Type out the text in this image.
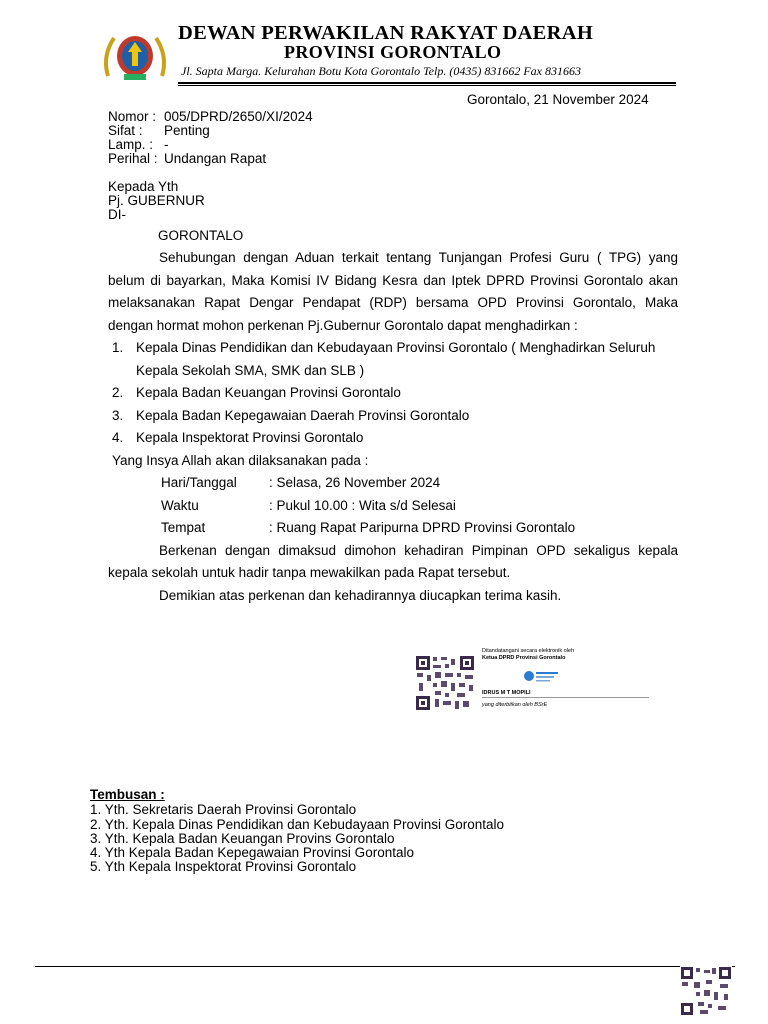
DEWAN PERWAKILAN RAKYAT DAERAH
PROVINSI GORONTALO
Jl. Sapta Marga. Kelurahan Botu Kota Gorontalo Telp. (0435) 831662 Fax 831663
Gorontalo, 21 November 2024
Nomor : 005/DPRD/2650/XI/2024
Sifat :	Penting
Lamp. : -
Perihal : Undangan Rapat
Kepada Yth
Pj. GUBERNUR
DI-
GORONTALO

Sehubungan dengan Aduan terkait tentang Tunjangan Profesi Guru ( TPG) yang belum di bayarkan, Maka Komisi IV Bidang Kesra dan Iptek DPRD Provinsi Gorontalo akan melaksanakan Rapat Dengar Pendapat (RDP) bersama OPD Provinsi Gorontalo, Maka dengan hormat mohon perkenan Pj.Gubernur Gorontalo dapat menghadirkan :

1. Kepala Dinas Pendidikan dan Kebudayaan Provinsi Gorontalo ( Menghadirkan Seluruh Kepala Sekolah SMA, SMK dan SLB )
2. Kepala Badan Keuangan Provinsi Gorontalo
3. Kepala Badan Kepegawaian Daerah Provinsi Gorontalo
4. Kepala Inspektorat Provinsi Gorontalo

Yang Insya Allah akan dilaksanakan pada :

Hari/Tanggal	: Selasa, 26 November 2024
Waktu	: Pukul 10.00 : Wita s/d Selesai
Tempat	: Ruang Rapat Paripurna DPRD Provinsi Gorontalo

Berkenan dengan dimaksud dimohon kehadiran Pimpinan OPD sekaligus kepala kepala sekolah untuk hadir tanpa mewakilkan pada Rapat tersebut.

Demikian atas perkenan dan kehadirannya diucapkan terima kasih.

Ditandatangani secara elektronik oleh
Ketua DPRD Provinsi Gorontalo
IDRUS M T MOPILI
yang diterbitkan oleh BSrE
Tembusan :
1. Yth. Sekretaris Daerah Provinsi Gorontalo
2. Yth. Kepala Dinas Pendidikan dan Kebudayaan Provinsi Gorontalo
3. Yth. Kepala Badan Keuangan Provins Gorontalo
4. Yth Kepala Badan Kepegawaian Provinsi Gorontalo
5. Yth Kepala Inspektorat Provinsi Gorontalo
